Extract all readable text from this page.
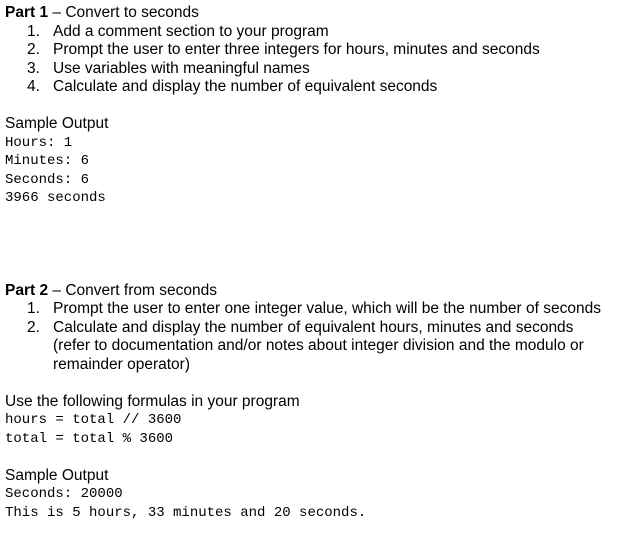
Part 1 – Convert to seconds
1. Add a comment section to your program
2. Prompt the user to enter three integers for hours, minutes and seconds
3. Use variables with meaningful names
4. Calculate and display the number of equivalent seconds
Sample Output
Hours: 1
Minutes: 6
Seconds: 6
3966 seconds
Part 2 – Convert from seconds
1. Prompt the user to enter one integer value, which will be the number of seconds
2. Calculate and display the number of equivalent hours, minutes and seconds
(refer to documentation and/or notes about integer division and the modulo or
remainder operator)
Use the following formulas in your program
hours = total // 3600
total = total % 3600
Sample Output
Seconds: 20000
This is 5 hours, 33 minutes and 20 seconds.
